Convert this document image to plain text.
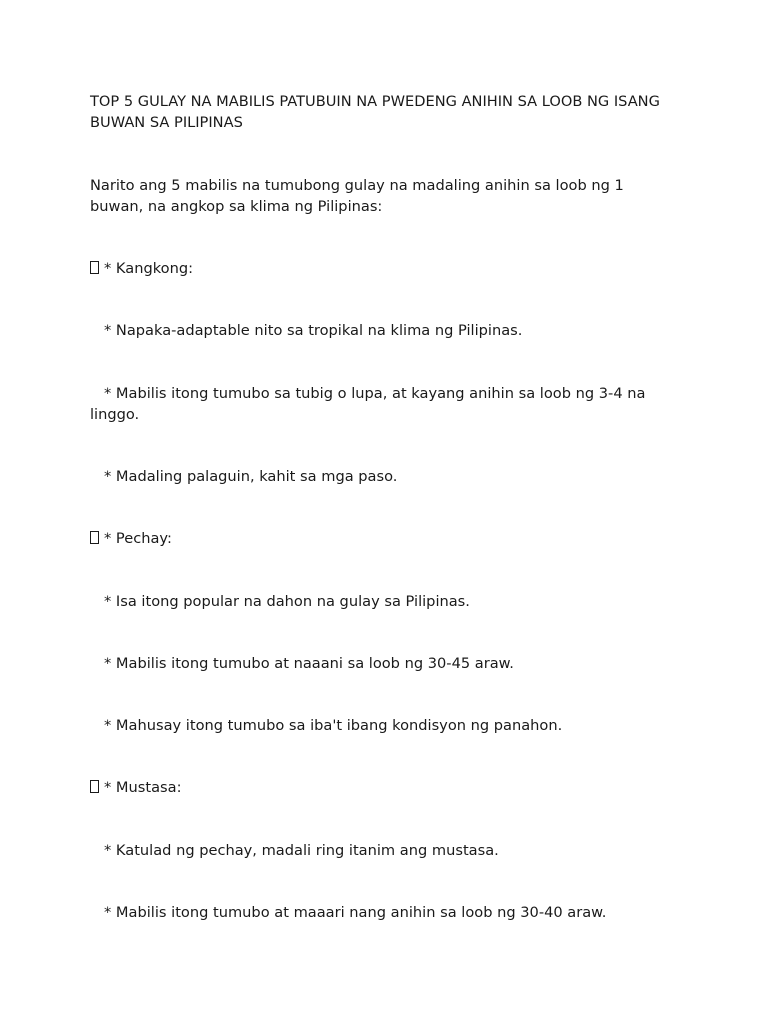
TOP 5 GULAY NA MABILIS PATUBUIN NA PWEDENG ANIHIN SA LOOB NG ISANG BUWAN SA PILIPINAS
Narito ang 5 mabilis na tumubong gulay na madaling anihin sa loob ng 1 buwan, na angkop sa klima ng Pilipinas:
* Kangkong:
* Napaka-adaptable nito sa tropikal na klima ng Pilipinas.
* Mabilis itong tumubo sa tubig o lupa, at kayang anihin sa loob ng 3-4 na linggo.
* Madaling palaguin, kahit sa mga paso.
* Pechay:
* Isa itong popular na dahon na gulay sa Pilipinas.
* Mabilis itong tumubo at naaani sa loob ng 30-45 araw.
* Mahusay itong tumubo sa iba't ibang kondisyon ng panahon.
* Mustasa:
* Katulad ng pechay, madali ring itanim ang mustasa.
* Mabilis itong tumubo at maaari nang anihin sa loob ng 30-40 araw.
